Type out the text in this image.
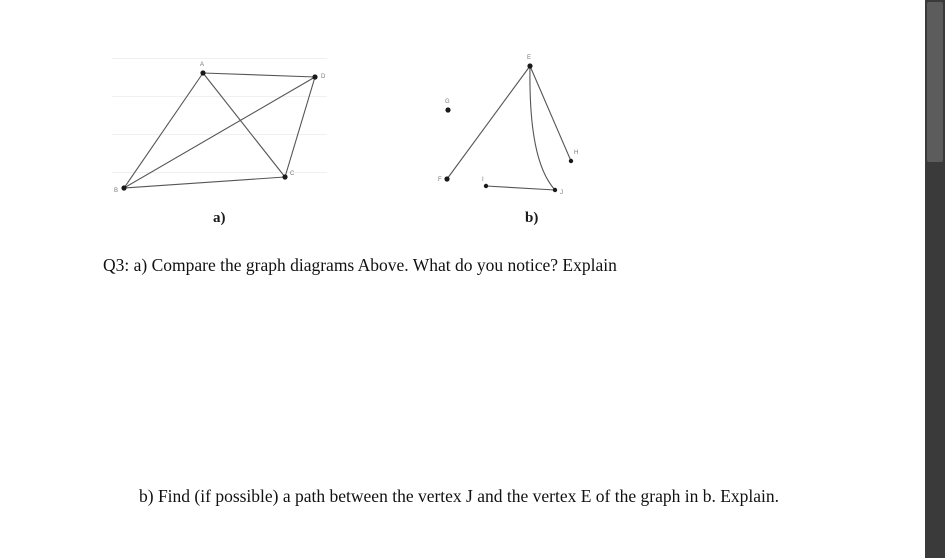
A
D
C
B
E
G
H
F	I
J
a)	b)
Q3: a) Compare the graph diagrams Above. What do you notice? Explain
b) Find (if possible) a path between the vertex J and the vertex E of the graph in b. Explain.
